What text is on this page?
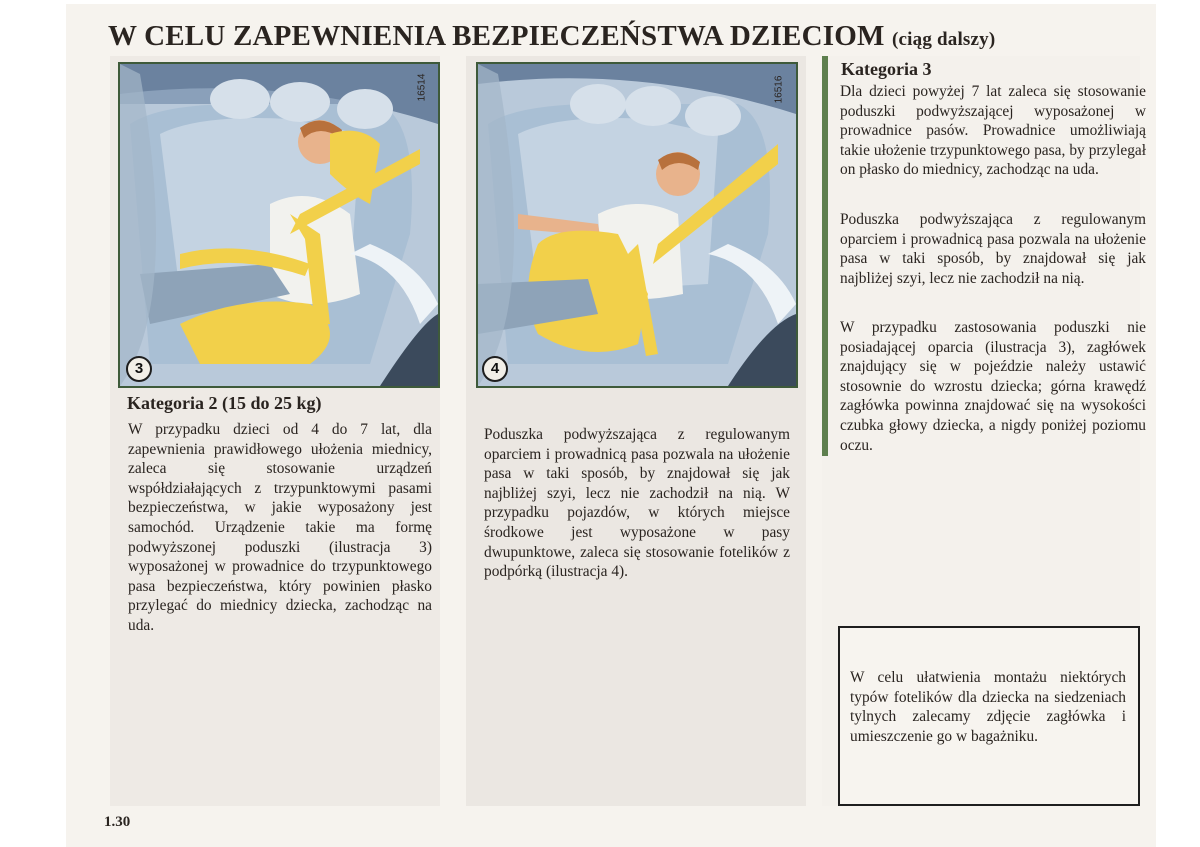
W CELU ZAPEWNIENIA BEZPIECZEŃSTWA DZIECIOM (ciąg dalszy)
16514
3
16516
4
Kategoria 2 (15 do 25 kg)
W przypadku dzieci od 4 do 7 lat, dla zapewnienia prawidłowego ułożenia miednicy, zaleca się stosowanie urządzeń współdziałających z trzypunktowymi pasami bezpieczeństwa, w jakie wyposażony jest samochód. Urządzenie takie ma formę podwyższonej poduszki (ilustracja 3) wyposażonej w prowadnice do trzypunktowego pasa bezpieczeństwa, który powinien płasko przylegać do miednicy dziecka, zachodząc na uda.
Poduszka podwyższająca z regulowanym oparciem i prowadnicą pasa pozwala na ułożenie pasa w taki sposób, by znajdował się jak najbliżej szyi, lecz nie zachodził na nią. W przypadku pojazdów, w których miejsce środkowe jest wyposażone w pasy dwupunktowe, zaleca się stosowanie fotelików z podpórką (ilustracja 4).
Kategoria 3
Dla dzieci powyżej 7 lat zaleca się stosowanie poduszki podwyższającej wyposażonej w prowadnice pasów. Prowadnice umożliwiają takie ułożenie trzypunktowego pasa, by przylegał on płasko do miednicy, zachodząc na uda.
Poduszka podwyższająca z regulowanym oparciem i prowadnicą pasa pozwala na ułożenie pasa w taki sposób, by znajdował się jak najbliżej szyi, lecz nie zachodził na nią.
W przypadku zastosowania poduszki nie posiadającej oparcia (ilustracja 3), zagłówek znajdujący się w pojeździe należy ustawić stosownie do wzrostu dziecka; górna krawędź zagłówka powinna znajdować się na wysokości czubka głowy dziecka, a nigdy poniżej poziomu oczu.
W celu ułatwienia montażu niektórych typów fotelików dla dziecka na siedzeniach tylnych zalecamy zdjęcie zagłówka i umieszczenie go w bagażniku.
1.30
